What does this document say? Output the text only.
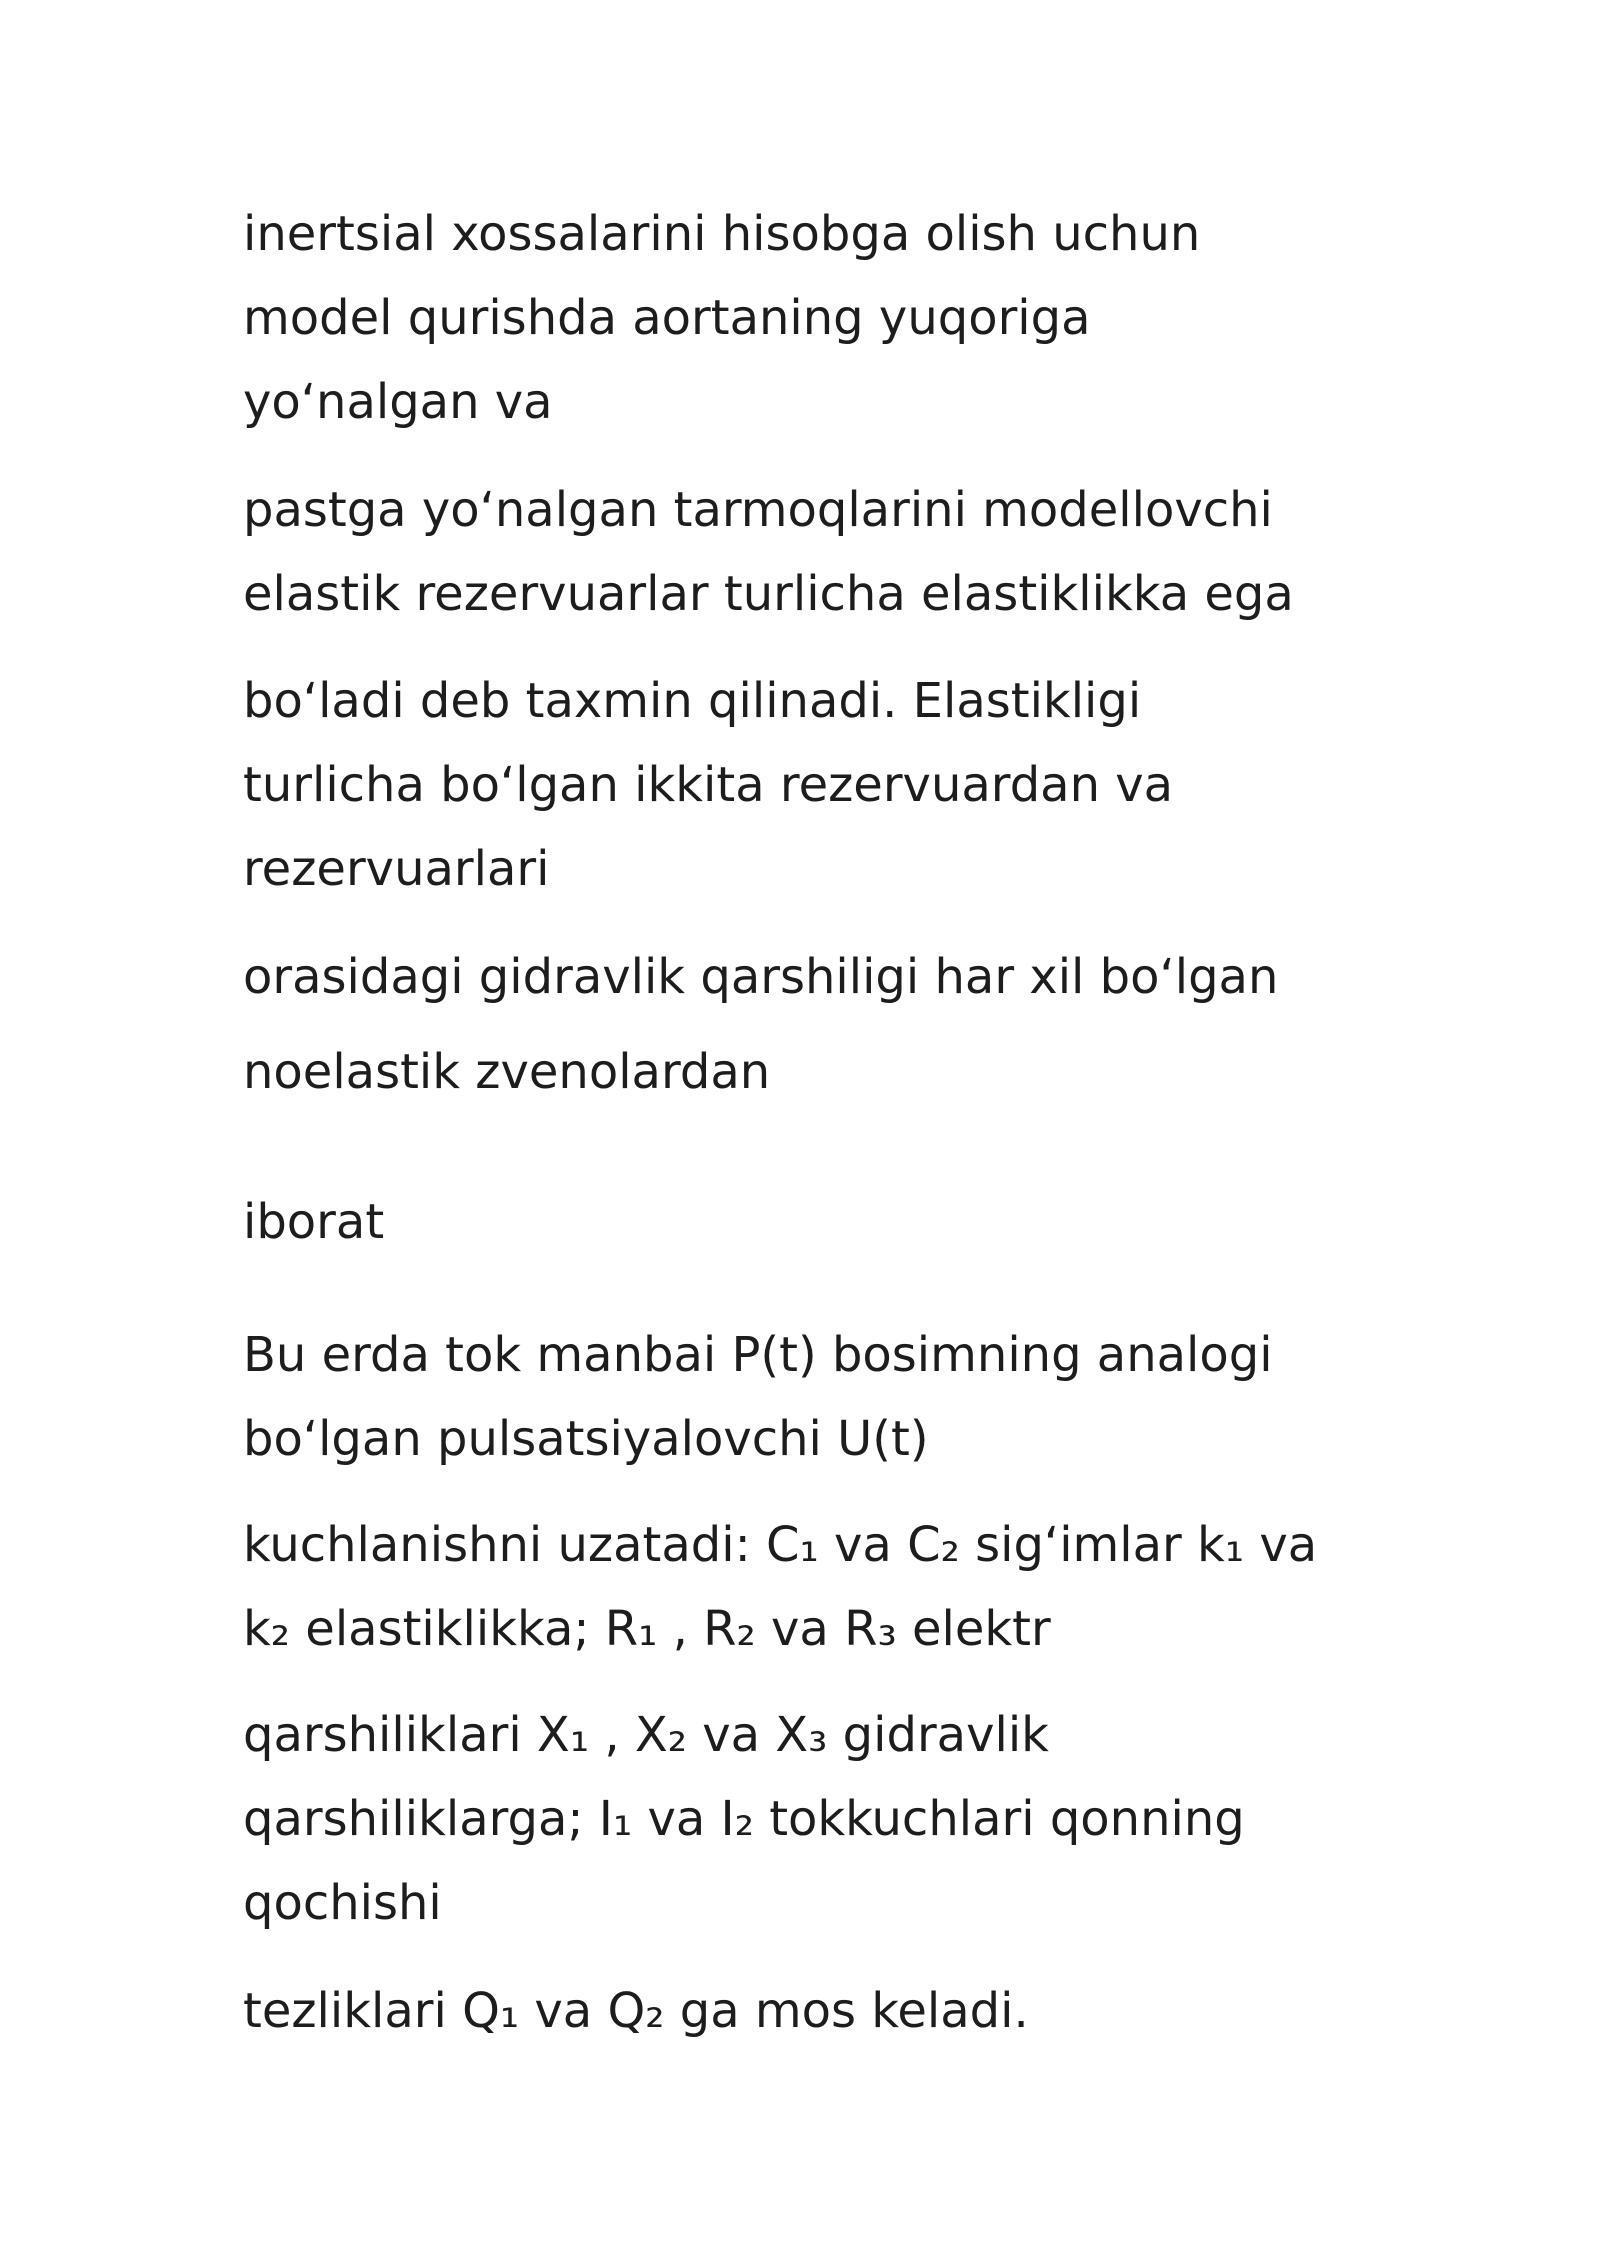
inertsial xossalarini hisobga olish uchun
model qurishda aortaning yuqoriga
yo‘nalgan va
pastga yo‘nalgan tarmoqlarini modellovchi
elastik rezervuarlar turlicha elastiklikka ega
bo‘ladi deb taxmin qilinadi. Elastikligi
turlicha bo‘lgan ikkita rezervuardan va
rezervuarlari
orasidagi gidravlik qarshiligi har xil bo‘lgan
noelastik zvenolardan
iborat
Bu erda tok manbai P(t) bosimning analogi
bo‘lgan pulsatsiyalovchi U(t)
kuchlanishni uzatadi: C₁ va C₂ sig‘imlar k₁ va
k₂ elastiklikka; R₁ , R₂ va R₃ elektr
qarshiliklari X₁ , X₂ va X₃ gidravlik
qarshiliklarga; I₁ va I₂ tokkuchlari qonning
qochishi
tezliklari Q₁ va Q₂ ga mos keladi.
